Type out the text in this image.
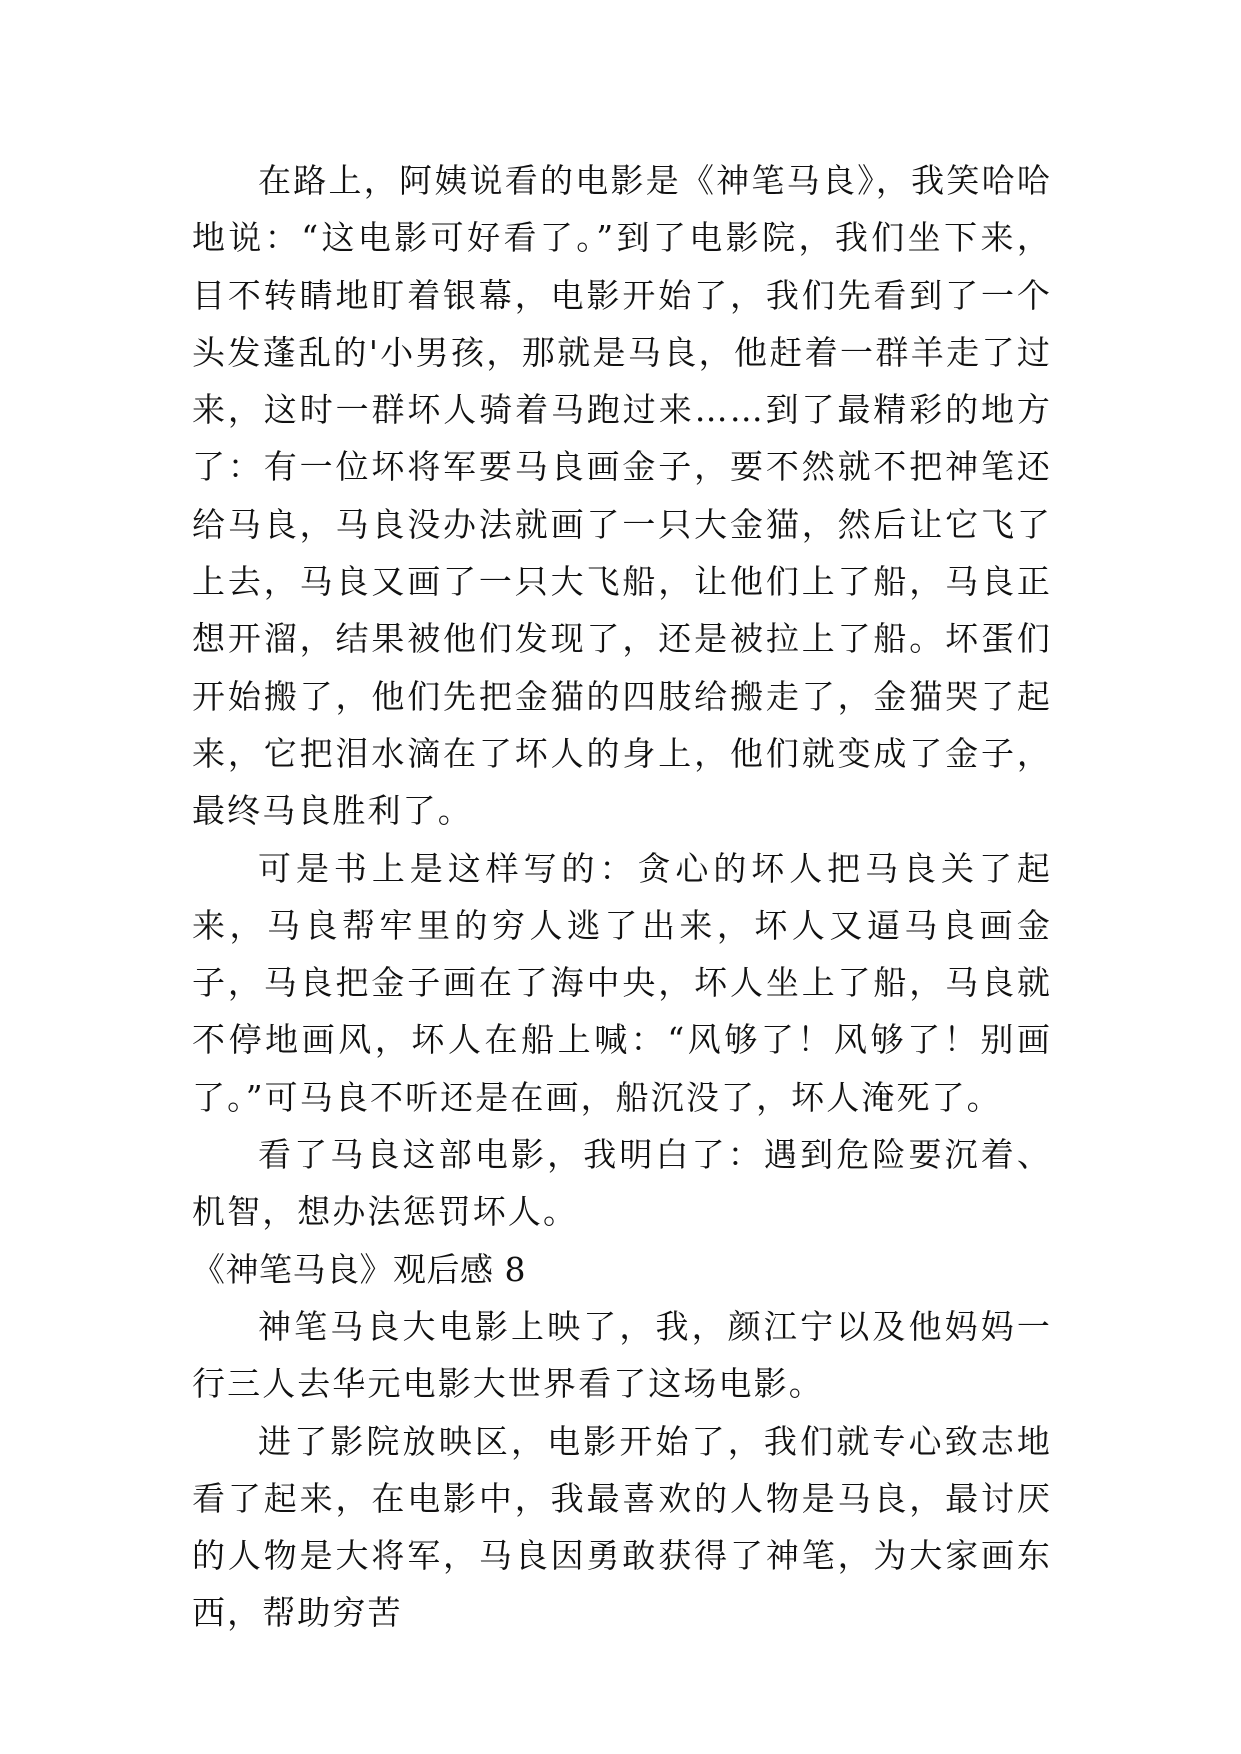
在路上，阿姨说看的电影是《神笔马良》，我笑哈哈地说：“这电影可好看了。”到了电影院，我们坐下来，目不转睛地盯着银幕，电影开始了，我们先看到了一个头发蓬乱的'小男孩，那就是马良，他赶着一群羊走了过来，这时一群坏人骑着马跑过来……到了最精彩的地方了：有一位坏将军要马良画金子，要不然就不把神笔还给马良，马良没办法就画了一只大金猫，然后让它飞了上去，马良又画了一只大飞船，让他们上了船，马良正想开溜，结果被他们发现了，还是被拉上了船。坏蛋们开始搬了，他们先把金猫的四肢给搬走了，金猫哭了起来，它把泪水滴在了坏人的身上，他们就变成了金子，最终马良胜利了。

可是书上是这样写的：贪心的坏人把马良关了起来，马良帮牢里的穷人逃了出来，坏人又逼马良画金子，马良把金子画在了海中央，坏人坐上了船，马良就不停地画风，坏人在船上喊：“风够了！风够了！别画了。”可马良不听还是在画，船沉没了，坏人淹死了。

看了马良这部电影，我明白了：遇到危险要沉着、机智，想办法惩罚坏人。

《神笔马良》观后感 8

神笔马良大电影上映了，我，颜江宁以及他妈妈一行三人去华元电影大世界看了这场电影。

进了影院放映区，电影开始了，我们就专心致志地看了起来，在电影中，我最喜欢的人物是马良，最讨厌的人物是大将军，马良因勇敢获得了神笔，为大家画东西，帮助穷苦
